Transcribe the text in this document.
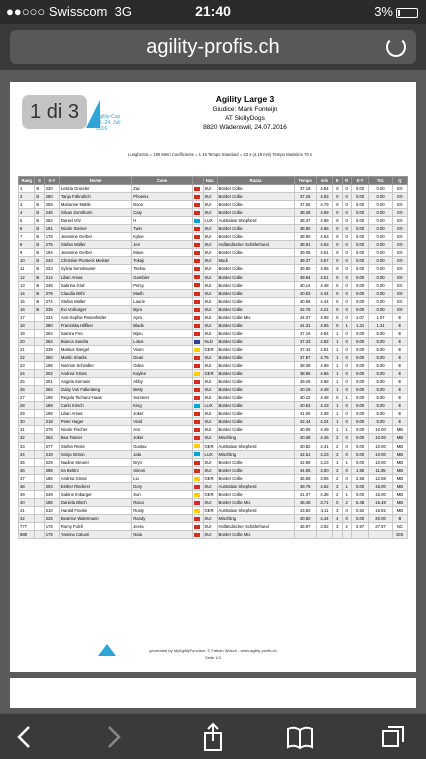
●●○○○ Swisscom 3G	21:40	3%
agility-profis.ch
Agility-Cup
23.-24. Juli 2016
1 di 3
Agility Large 3
Giudice: Mark Fonteijn
AT SkillyDogs
8820 Wädenswil, 24.07.2016
Lunghezza = 180 Metri Coefficiente = 1.15 Tempo Standard = 43 s (4.19 m/s) Tempo Massimo 70 s
Rang	S	S-#	Nome	Cane		Naz.	Razza	Tempo	m/s	E	R	E-T	Tot.	Q
1	B	220	Letizia Grunder	Zac		SUI	Border Collie	37.18	4.84	0	0	0.00	0.00	E0
2	B	280	Tanja Fähndrich	Phoenix		SUI	Border Collie	37.26	4.83	0	0	0.00	0.00	E0
3	B	259	Marianne Mattle	Boon		SUI	Border Collie	37.55	4.79	0	0	0.00	0.00	E0
4	B	246	Silvan Zumthurm	Caty		SUI	Border Collie	38.36	4.69	0	0	0.00	0.00	E0
5	B	262	Daniel Vriz	H		LUX	Australian Shepherd	38.37	4.69	0	0	0.00	0.00	E0
6	B	191	Nicole Steiner	Twin		SUI	Border Collie	38.60	4.66	0	0	0.00	0.00	E0
7	B	178	Jeannine Gerber	Kylee		SUI	Border Collie	38.90	4.63	0	0	0.00	0.00	E0
8	B	275	Stefan Müller	Jen		SUI	Holländischer Schäferhund	38.91	4.63	0	0	0.00	0.00	E0
9	B	194	Jeannine Gerber	Mave		SUI	Border Collie	39.06	4.61	0	0	0.00	0.00	E0
10	B	243	Christine Pionteck Meister	Tokaji		SUI	Mudi	39.37	4.57	0	0	0.00	0.00	E0
11	B	223	Sylvia Sennhauser	Tsehai		SUI	Border Collie	39.60	4.55	0	0	0.00	0.00	E0
12	B	214	Lilian Arnas	Gambler		SUI	Border Collie	39.94	4.51	0	0	0.00	0.00	E0
13	B	245	Sabrina Graf	Percy		SUI	Border Collie	40.14	4.48	0	0	0.00	0.00	E0
14	B	279	Claudia Böhi	Mash		SUI	Border Collie	40.53	4.44	0	0	0.00	0.00	E0
15	B	274	Stefan Müller	Laurie		SUI	Border Collie	40.58	4.44	0	0	0.00	0.00	E0
16	B	235	Evi Vorburger	Byra		SUI	Border Collie	42.78	4.21	0	0	0.00	0.00	E0
17		234	Ann-Sophie Rosenfelder	Ayra		SUI	Border Collie Mix	44.07	4.08	0	0	1.07	1.07	E
18		280	Franziska Hilfiker	Blade		SUI	Border Collie	44.31	4.06	0	1	1.31	1.31	E
19		262	Samira Frei	Bijou		SUI	Border Collie	37.16	4.84	1	0	0.00	5.00	E
20		264	Bianca Sandra	Lotus		NLD	Border Collie	37.33	4.82	1	0	0.00	5.00	E
21		239	Markus Stergel	Vixen		GER	Border Collie	37.42	4.81	1	0	0.00	5.00	E
22		250	Martin Sharits	Dean		SUI	Border Collie	37.87	4.75	1	0	0.00	5.00	E
23		196	Noémie Schindler	Odea		SUI	Border Collie	38.38	4.69	1	0	0.00	5.00	E
24		202	Andrea Grüss	Kaylee		GER	Border Collie	38.65	4.66	1	0	0.00	5.00	E
25		201	Angela Somaini	Abby		SUI	Border Collie	39.26	4.58	1	0	0.00	5.00	E
26		262	Gaby Von Fallenberg	Betty		SUI	Border Collie	40.19	4.48	1	0	0.00	5.00	E
27		195	Regula Tschanz-Haas	Summer		SUI	Border Collie	40.22	4.48	0	1	0.00	5.00	E
28		189	Carlo Kirsch	King		LUX	Border Collie	40.63	4.43	1	0	0.00	5.00	E
29		198	Lilian Arnas	Joker		SUI	Border Collie	41.05	4.38	1	0	0.00	5.00	E
30		218	Peter Hager	Vivid		SUI	Border Collie	42.44	4.24	1	0	0.00	5.00	E
31		278	Nicole Fischer	Ace		SUI	Border Collie	40.08	4.49	1	1	0.00	10.00	MB
32		253	Bea Tanner	Joker		SUI	Mischling	40.38	4.46	2	0	0.00	10.00	MB
33		277	Stefan Reiss	Gustav		GER	Australian Shepherd	40.82	4.41	2	0	0.00	10.00	MB
34		219	Sonja Simon	Jala		LUX	Mischling	42.51	4.23	2	0	0.00	10.00	MB
35		229	Nadine Steurer	Bryn		SUI	Border Collie	42.59	4.23	1	1	0.00	10.00	MB
36		298	Ira Bettini	Simon		SUI	Border Collie	44.95	4.00	2	0	1.95	11.95	MB
37		186	Andrea Grüss	Liu		GER	Border Collie	45.58	3.95	2	0	2.58	12.58	MB
38		204	Esther Riederer	Dory		SUI	Australian Shepherd	39.76	4.52	2	1	0.00	15.00	MB
39		249	Sabine Imbarger	Sun		GER	Border Collie	41.07	4.38	2	1	0.00	15.00	MB
40		186	Daniela Blöch	Raico		SUI	Border Collie Mix	48.48	3.71	0	2	5.48	15.48	MB
41		210	Harald Franke	Rusty		GER	Australian Shepherd	43.82	4.11	3	0	0.82	15.82	MB
42		226	Beatrice Walermann	Randy		SUI	Mischling	40.50	4.44	4	0	0.00	20.00	B
777		176	Romy Fulch	Jevra		SUI	Holländischer Schäferhund	45.97	3.92	3	2	2.97	27.97	NC
888		179	Yamina Caluori	Nala		SUI	Border Collie Mix							DIS
generated by MyAgilityFunction. © Fabian Wüsch - www.agility-profis.ch
Seite 1/3
